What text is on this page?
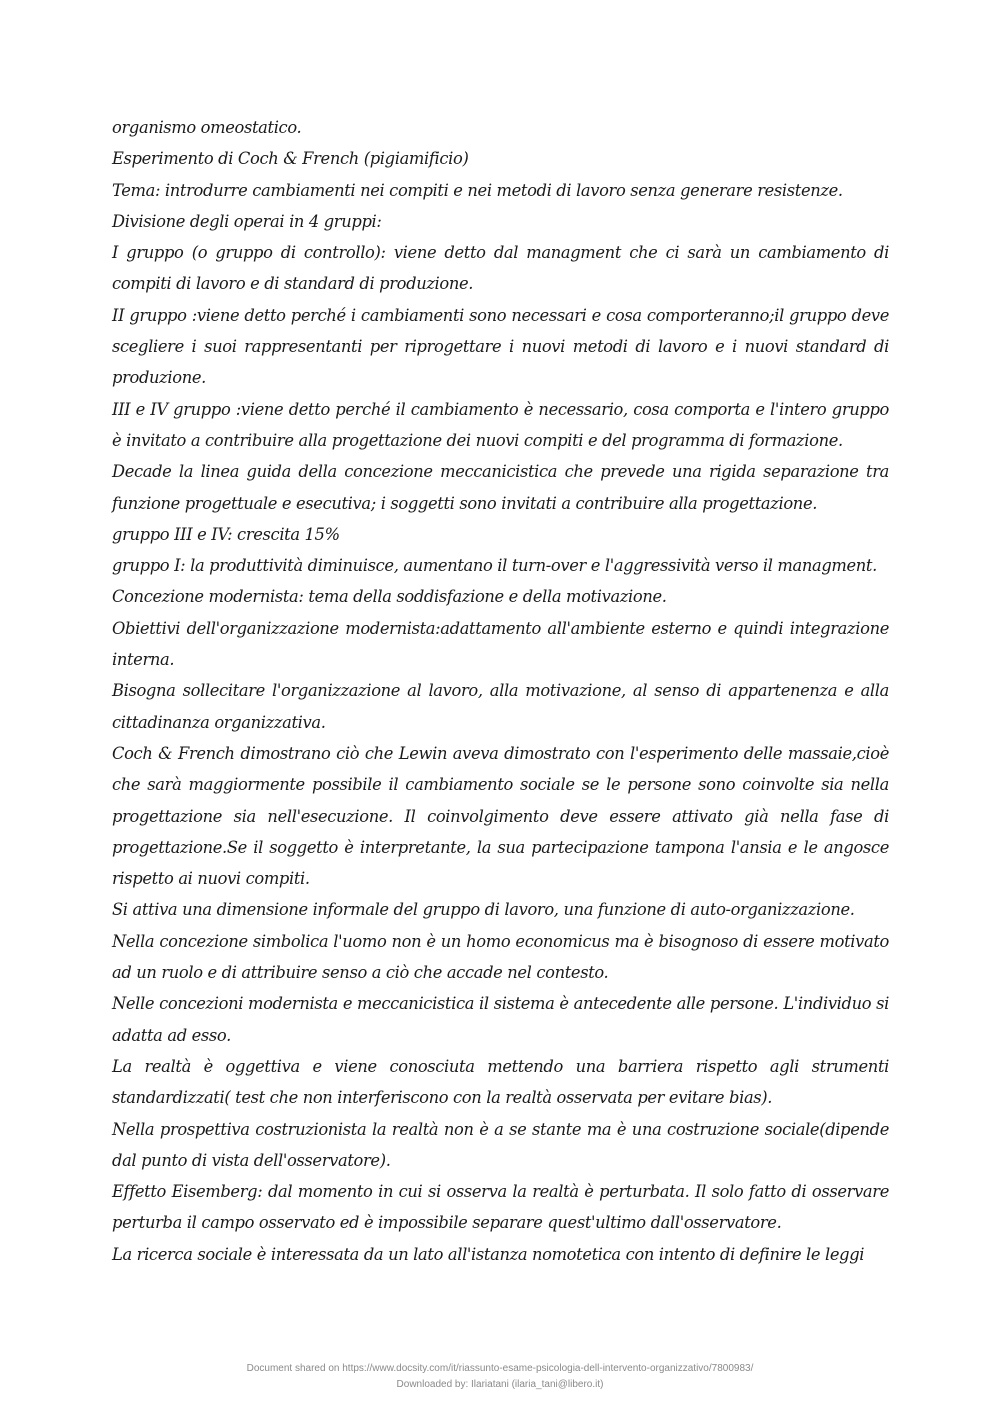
organismo omeostatico.

Esperimento di Coch & French (pigiamificio)

Tema: introdurre cambiamenti nei compiti e nei metodi di lavoro senza generare resistenze.

Divisione degli operai in 4 gruppi:

I gruppo (o gruppo di controllo): viene detto dal managment che ci sarà un cambiamento di compiti di lavoro e di standard di produzione.

II gruppo :viene detto perché i cambiamenti sono necessari e cosa comporteranno;il gruppo deve scegliere i suoi rappresentanti per riprogettare i nuovi metodi di lavoro e i nuovi standard di produzione.

III e IV gruppo :viene detto perché il cambiamento è necessario, cosa comporta e l'intero gruppo è invitato a contribuire alla progettazione dei nuovi compiti e del programma di formazione.

Decade la linea guida della concezione meccanicistica che prevede una rigida separazione tra funzione progettuale e esecutiva; i soggetti sono invitati a contribuire alla progettazione.

gruppo III e IV: crescita 15%

gruppo I: la produttività diminuisce, aumentano il turn-over e l'aggressività verso il managment.

Concezione modernista: tema della soddisfazione e della motivazione.

Obiettivi dell'organizzazione modernista:adattamento all'ambiente esterno e quindi integrazione interna.

Bisogna sollecitare l'organizzazione al lavoro, alla motivazione, al senso di appartenenza e alla cittadinanza organizzativa.

Coch & French dimostrano ciò che Lewin aveva dimostrato con l'esperimento delle massaie,cioè che sarà maggiormente possibile il cambiamento sociale se le persone sono coinvolte sia nella progettazione sia nell'esecuzione. Il coinvolgimento deve essere attivato già nella fase di progettazione.Se il soggetto è interpretante, la sua partecipazione tampona l'ansia e le angosce rispetto ai nuovi compiti.

Si attiva una dimensione informale del gruppo di lavoro, una funzione di auto-organizzazione.

Nella concezione simbolica l'uomo non è un homo economicus ma è bisognoso di essere motivato ad un ruolo e di attribuire senso a ciò che accade nel contesto.

Nelle concezioni modernista e meccanicistica il sistema è antecedente alle persone. L'individuo si adatta ad esso.

La realtà è oggettiva e viene conosciuta mettendo una barriera rispetto agli strumenti standardizzati( test che non interferiscono con la realtà osservata per evitare bias).

Nella prospettiva costruzionista la realtà non è a se stante ma è una costruzione sociale(dipende dal punto di vista dell'osservatore).

Effetto Eisemberg: dal momento in cui si osserva la realtà è perturbata. Il solo fatto di osservare perturba il campo osservato ed è impossibile separare quest'ultimo dall'osservatore.

La ricerca sociale è interessata da un lato all'istanza nomotetica con intento di definire le leggi

Document shared on https://www.docsity.com/it/riassunto-esame-psicologia-dell-intervento-organizzativo/7800983/
Downloaded by: Ilariatani (ilaria_tani@libero.it)
